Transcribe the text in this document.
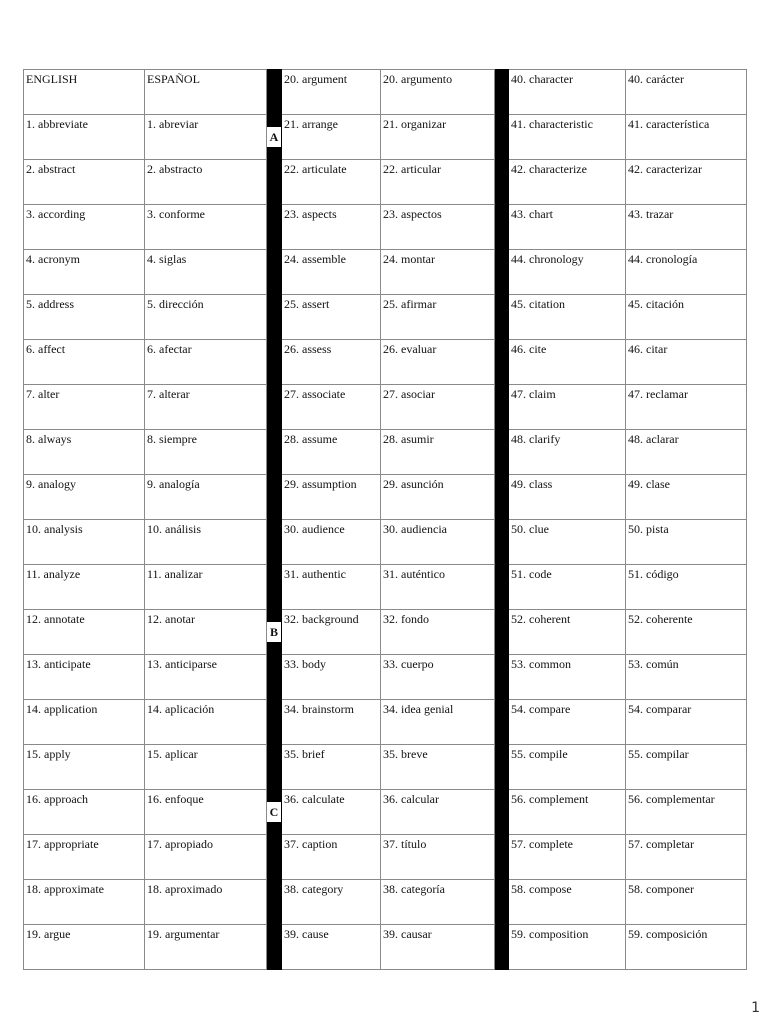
ENGLISH	ESPAÑOL		20. argument	20. argumento		40. character	40. carácter
1. abbreviate	1. abreviar	A	21. arrange	21. organizar		41. characteristic	41. característica
2. abstract	2. abstracto		22. articulate	22. articular		42. characterize	42. caracterizar
3. according	3. conforme		23. aspects	23. aspectos		43. chart	43. trazar
4. acronym	4. siglas		24. assemble	24. montar		44. chronology	44. cronología
5. address	5. dirección		25. assert	25. afirmar		45. citation	45. citación
6. affect	6. afectar		26. assess	26. evaluar		46. cite	46. citar
7. alter	7. alterar		27. associate	27. asociar		47. claim	47. reclamar
8. always	8. siempre		28. assume	28. asumir		48. clarify	48. aclarar
9. analogy	9. analogía		29. assumption	29. asunción		49. class	49. clase
10. analysis	10. análisis		30. audience	30. audiencia		50. clue	50. pista
11. analyze	11. analizar		31. authentic	31. auténtico		51. code	51. código
12. annotate	12. anotar	B	32. background	32. fondo		52. coherent	52. coherente
13. anticipate	13. anticiparse		33. body	33. cuerpo		53. common	53. común
14. application	14. aplicación		34. brainstorm	34. idea genial		54. compare	54. comparar
15. apply	15. aplicar		35. brief	35. breve		55. compile	55. compilar
16. approach	16. enfoque	C	36. calculate	36. calcular		56. complement	56. complementar
17. appropriate	17. apropiado		37. caption	37. título		57. complete	57. completar
18. approximate	18. aproximado		38. category	38. categoría		58. compose	58. componer
19. argue	19. argumentar		39. cause	39. causar		59. composition	59. composición
1
